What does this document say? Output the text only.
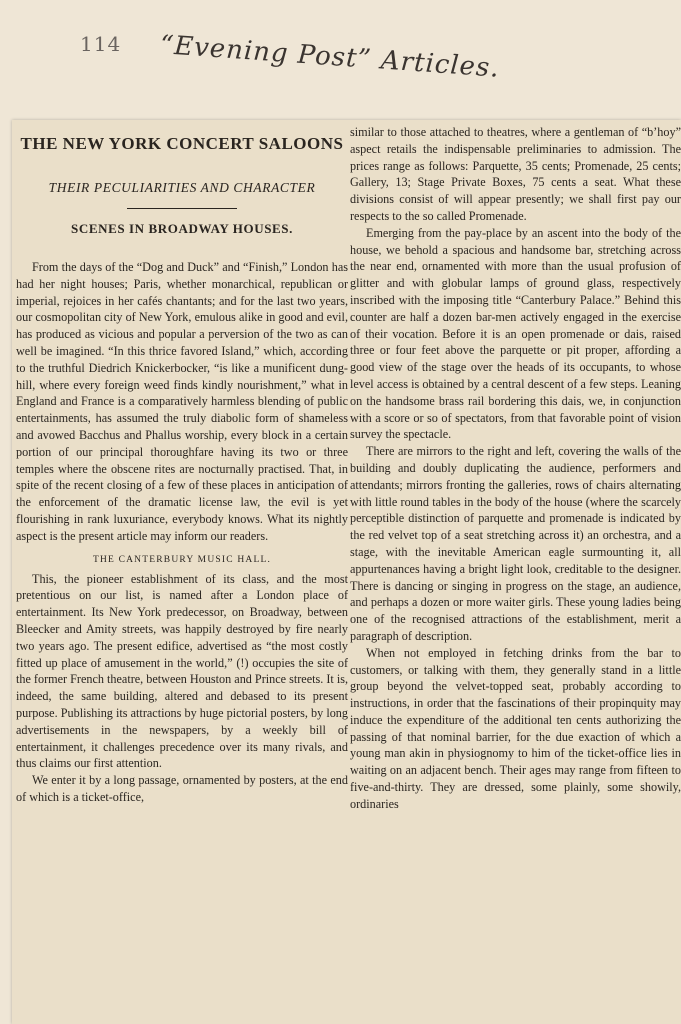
114 “Evening Post” Articles.
THE NEW YORK CONCERT SALOONS
THEIR PECULIARITIES AND CHARACTER
SCENES IN BROADWAY HOUSES.

From the days of the “Dog and Duck” and “Finish,” London has had her night houses; Paris, whether monarchical, republican or imperial, rejoices in her cafés chantants; and for the last two years, our cosmopolitan city of New York, emulous alike in good and evil, has produced as vicious and popular a perversion of the two as can well be imagined. “In this thrice favored Island,” which, according to the truthful Diedrich Knickerbocker, “is like a munificent dung-hill, where every foreign weed finds kindly nourishment,” what in England and France is a comparatively harmless blending of public entertainments, has assumed the truly diabolic form of shameless and avowed Bacchus and Phallus worship, every block in a certain portion of our principal thoroughfare having its two or three temples where the obscene rites are nocturnally practised. That, in spite of the recent closing of a few of these places in anticipation of the enforcement of the dramatic license law, the evil is yet flourishing in rank luxuriance, everybody knows. What its nightly aspect is the present article may inform our readers.

THE CANTERBURY MUSIC HALL.

This, the pioneer establishment of its class, and the most pretentious on our list, is named after a London place of entertainment. Its New York predecessor, on Broadway, between Bleecker and Amity streets, was happily destroyed by fire nearly two years ago. The present edifice, advertised as “the most costly fitted up place of amusement in the world,” (!) occupies the site of the former French theatre, between Houston and Prince streets. It is, indeed, the same building, altered and debased to its present purpose. Publishing its attractions by huge pictorial posters, by long advertisements in the newspapers, by a weekly bill of entertainment, it challenges precedence over its many rivals, and thus claims our first attention.

We enter it by a long passage, ornamented by posters, at the end of which is a ticket-office,

similar to those attached to theatres, where a gentleman of “b’hoy” aspect retails the indispensable preliminaries to admission. The prices range as follows: Parquette, 35 cents; Promenade, 25 cents; Gallery, 13; Stage Private Boxes, 75 cents a seat. What these divisions consist of will appear presently; we shall first pay our respects to the so called Promenade.

Emerging from the pay-place by an ascent into the body of the house, we behold a spacious and handsome bar, stretching across the near end, ornamented with more than the usual profusion of glitter and with globular lamps of ground glass, respectively inscribed with the imposing title “Canterbury Palace.” Behind this counter are half a dozen bar-men actively engaged in the exercise of their vocation. Before it is an open promenade or dais, raised three or four feet above the parquette or pit proper, affording a good view of the stage over the heads of its occupants, to whose level access is obtained by a central descent of a few steps. Leaning on the handsome brass rail bordering this dais, we, in conjunction with a score or so of spectators, from that favorable point of vision survey the spectacle.

There are mirrors to the right and left, covering the walls of the building and doubly duplicating the audience, performers and attendants; mirrors fronting the galleries, rows of chairs alternating with little round tables in the body of the house (where the scarcely perceptible distinction of parquette and promenade is indicated by the red velvet top of a seat stretching across it) an orchestra, and a stage, with the inevitable American eagle surmounting it, all appurtenances having a bright light look, creditable to the designer. There is dancing or singing in progress on the stage, an audience, and perhaps a dozen or more waiter girls. These young ladies being one of the recognised attractions of the establishment, merit a paragraph of description.

When not employed in fetching drinks from the bar to customers, or talking with them, they generally stand in a little group beyond the velvet-topped seat, probably according to instructions, in order that the fascinations of their propinquity may induce the expenditure of the additional ten cents authorizing the passing of that nominal barrier, for the due exaction of which a young man akin in physiognomy to him of the ticket-office lies in waiting on an adjacent bench. Their ages may range from fifteen to five-and-thirty. They are dressed, some plainly, some showily, ordinaries
